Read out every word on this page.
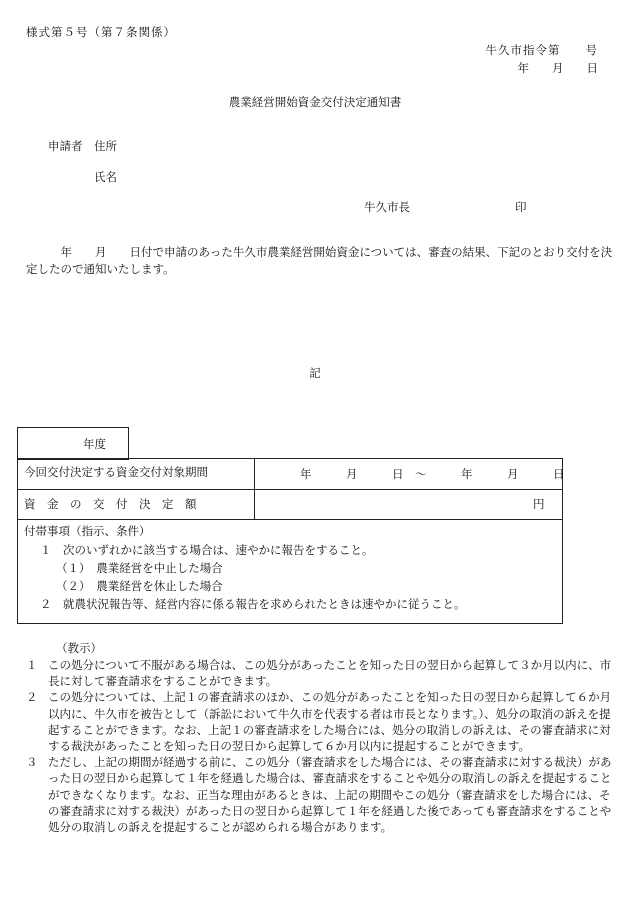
様式第５号（第７条関係）
牛久市指令第　　号
年　　月　　日
農業経営開始資金交付決定通知書
申請者 住所
氏名
牛久市長	印

年　　月　　日付で申請のあった牛久市農業経営開始資金については、審査の結果、下記のとおり交付を決定したので通知いたします。

記
年度
今回交付決定する資金交付対象期間	年　　　月　　　日　～　　　年　　　月　　　日
資　金　の　交　付　決　定　額	円
付帯事項（指示、条件）
１　次のいずれかに該当する場合は、速やかに報告をすること。
（１）　農業経営を中止した場合
（２）　農業経営を休止した場合
２　就農状況報告等、経営内容に係る報告を求められたときは速やかに従うこと。
（教示）
１ この処分について不服がある場合は、この処分があったことを知った日の翌日から起算して３か月以内に、市長に対して審査請求をすることができます。
２ この処分については、上記１の審査請求のほか、この処分があったことを知った日の翌日から起算して６か月以内に、牛久市を被告として（訴訟において牛久市を代表する者は市長となります。）、処分の取消の訴えを提起することができます。なお、上記１の審査請求をした場合には、処分の取消しの訴えは、その審査請求に対する裁決があったことを知った日の翌日から起算して６か月以内に提起することができます。
３ ただし、上記の期間が経過する前に、この処分（審査請求をした場合には、その審査請求に対する裁決）があった日の翌日から起算して１年を経過した場合は、審査請求をすることや処分の取消しの訴えを提起することができなくなります。なお、正当な理由があるときは、上記の期間やこの処分（審査請求をした場合には、その審査請求に対する裁決）があった日の翌日から起算して１年を経過した後であっても審査請求をすることや処分の取消しの訴えを提起することが認められる場合があります。
